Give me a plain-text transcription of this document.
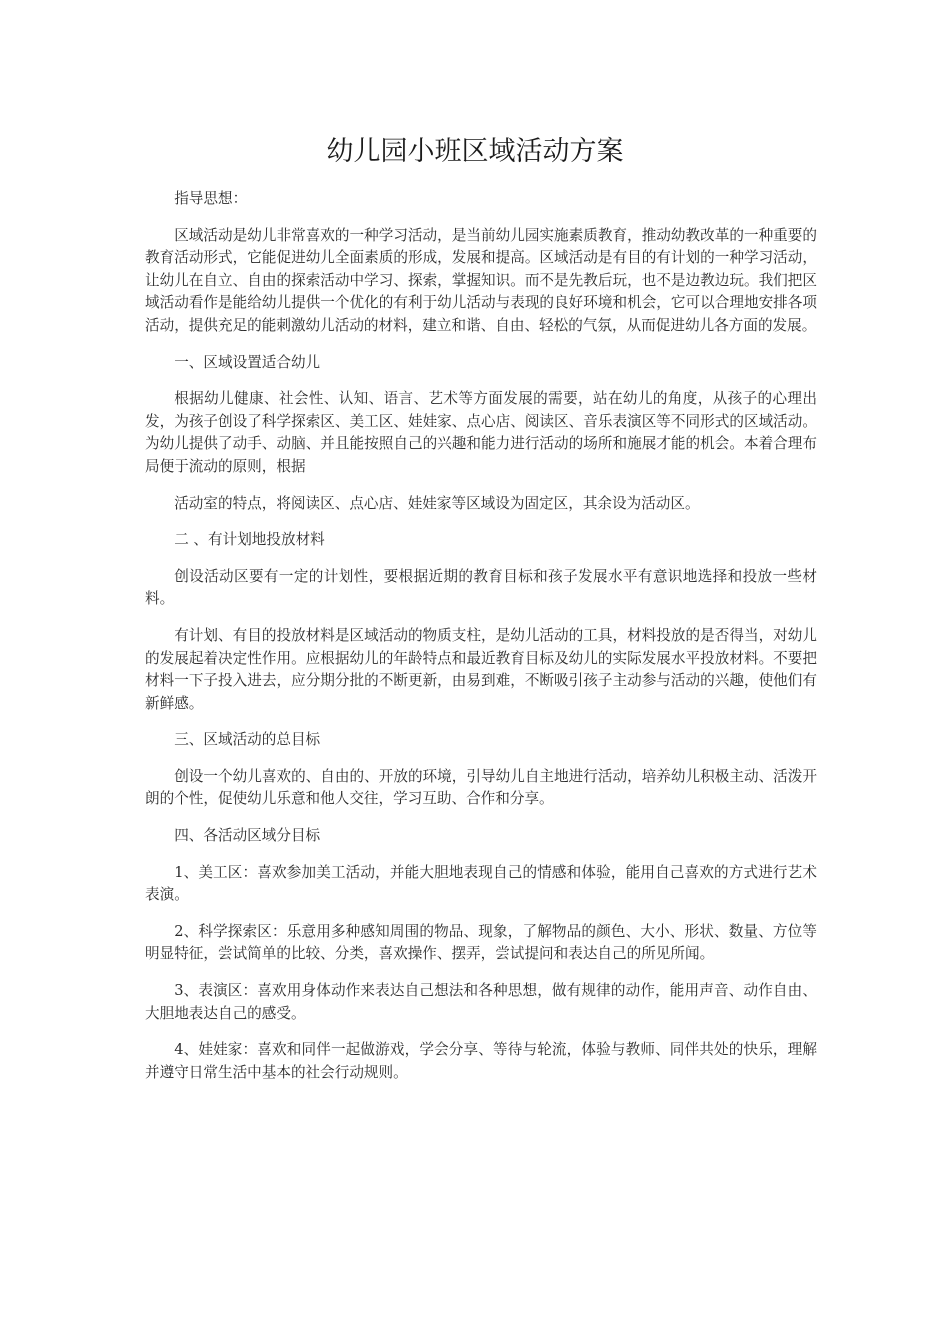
幼儿园小班区域活动方案

指导思想：

区域活动是幼儿非常喜欢的一种学习活动，是当前幼儿园实施素质教育，推动幼教改革的一种重要的教育活动形式，它能促进幼儿全面素质的形成，发展和提高。区域活动是有目的有计划的一种学习活动，让幼儿在自立、自由的探索活动中学习、探索，掌握知识。而不是先教后玩，也不是边教边玩。我们把区域活动看作是能给幼儿提供一个优化的有利于幼儿活动与表现的良好环境和机会，它可以合理地安排各项活动，提供充足的能刺激幼儿活动的材料，建立和谐、自由、轻松的气氛，从而促进幼儿各方面的发展。

一、区域设置适合幼儿

根据幼儿健康、社会性、认知、语言、艺术等方面发展的需要，站在幼儿的角度，从孩子的心理出发，为孩子创设了科学探索区、美工区、娃娃家、点心店、阅读区、音乐表演区等不同形式的区域活动。为幼儿提供了动手、动脑、并且能按照自己的兴趣和能力进行活动的场所和施展才能的机会。本着合理布局便于流动的原则，根据

活动室的特点，将阅读区、点心店、娃娃家等区域设为固定区，其余设为活动区。

二 、有计划地投放材料

创设活动区要有一定的计划性，要根据近期的教育目标和孩子发展水平有意识地选择和投放一些材料。

有计划、有目的投放材料是区域活动的物质支柱，是幼儿活动的工具，材料投放的是否得当，对幼儿的发展起着决定性作用。应根据幼儿的年龄特点和最近教育目标及幼儿的实际发展水平投放材料。不要把材料一下子投入进去，应分期分批的不断更新，由易到难，不断吸引孩子主动参与活动的兴趣，使他们有新鲜感。

三、区域活动的总目标

创设一个幼儿喜欢的、自由的、开放的环境，引导幼儿自主地进行活动，培养幼儿积极主动、活泼开朗的个性，促使幼儿乐意和他人交往，学习互助、合作和分享。

四、各活动区域分目标

1、美工区：喜欢参加美工活动，并能大胆地表现自己的情感和体验，能用自己喜欢的方式进行艺术表演。

2、科学探索区：乐意用多种感知周围的物品、现象，了解物品的颜色、大小、形状、数量、方位等明显特征，尝试简单的比较、分类，喜欢操作、摆弄，尝试提问和表达自己的所见所闻。

3、表演区：喜欢用身体动作来表达自己想法和各种思想，做有规律的动作，能用声音、动作自由、大胆地表达自己的感受。

4、娃娃家：喜欢和同伴一起做游戏，学会分享、等待与轮流，体验与教师、同伴共处的快乐，理解并遵守日常生活中基本的社会行动规则。
